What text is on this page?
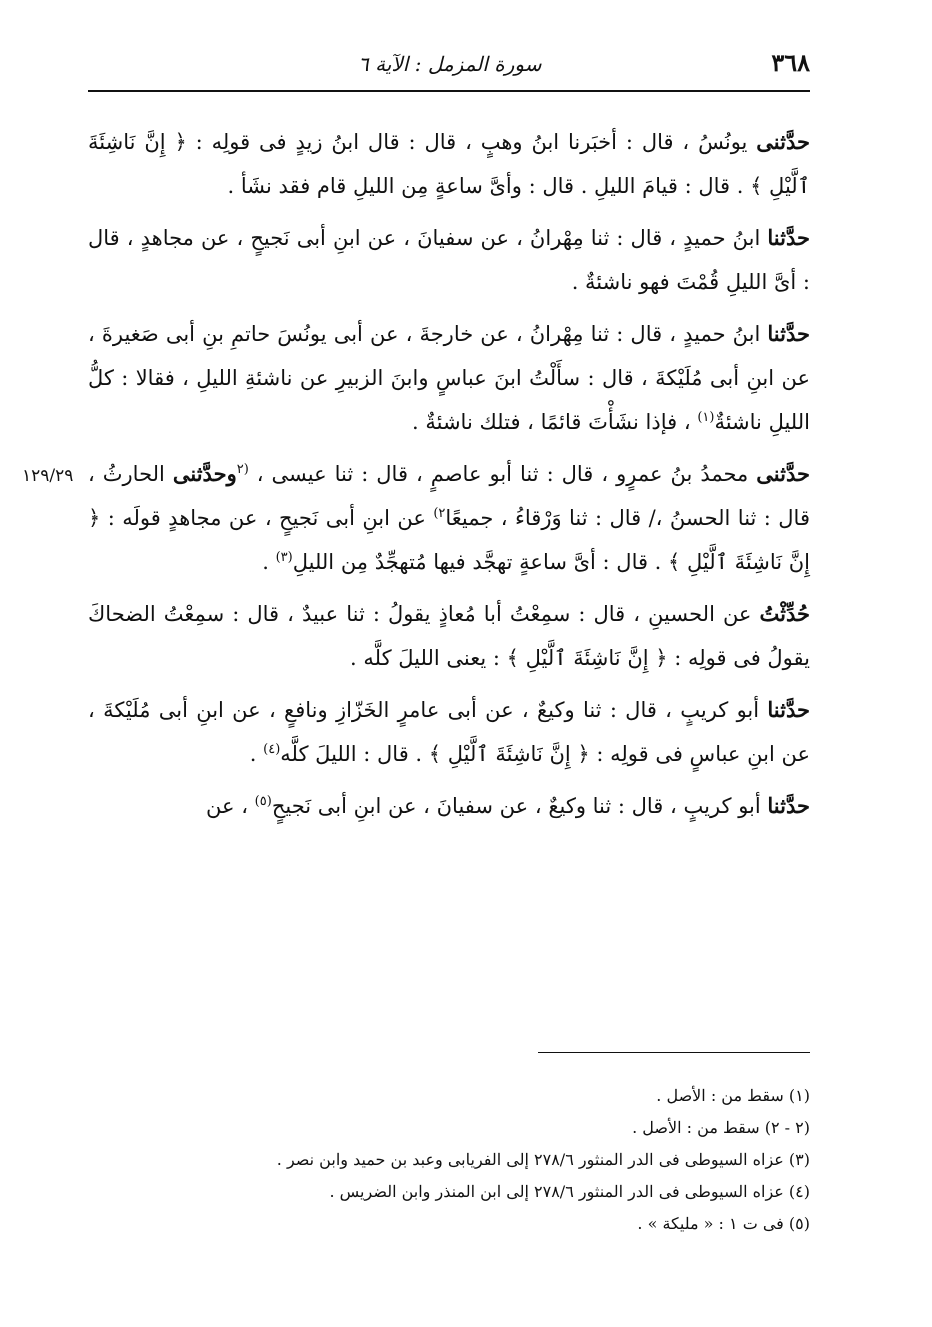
٣٦٨
سورة المزمل : الآية ٦
١٢٩/٢٩

حدَّثنى يونُسُ ، قال : أخبَرنا ابنُ وهبٍ ، قال : قال ابنُ زيدٍ فى قولِه : ﴿ إِنَّ نَاشِئَةَ ٱلَّيْلِ ﴾ . قال : قيامَ الليلِ . قال : وأىَّ ساعةٍ مِن الليلِ قام فقد نشَأ .

حدَّثنا ابنُ حميدٍ ، قال : ثنا مِهْرانُ ، عن سفيانَ ، عن ابنِ أبى نَجيحٍ ، عن مجاهدٍ ، قال : أىَّ الليلِ قُمْتَ فهو ناشئةٌ .

حدَّثنا ابنُ حميدٍ ، قال : ثنا مِهْرانُ ، عن خارجةَ ، عن أبى يونُسَ حاتمِ بنِ أبى صَغيرةَ ، عن ابنِ أبى مُلَيْكةَ ، قال : سأَلْتُ ابنَ عباسٍ وابنَ الزبيرِ عن ناشئةِ الليلِ ، فقالا : كلُّ الليلِ ناشئةٌ$^{(١)}$ ، فإذا نشَأْتَ قائمًا ، فتلك ناشئةٌ .

حدَّثنى محمدُ بنُ عمرٍو ، قال : ثنا أبو عاصمٍ ، قال : ثنا عيسى ، $^{(٢}$وحدَّثنى الحارثُ ، قال : ثنا الحسنُ ،/ قال : ثنا وَرْقاءُ ، جميعًا$^{٢)}$ عن ابنِ أبى نَجيحٍ ، عن مجاهدٍ قولَه : ﴿ إِنَّ نَاشِئَةَ ٱلَّيْلِ ﴾ . قال : أىَّ ساعةٍ تهجَّد فيها مُتهجِّدٌ مِن الليلِ$^{(٣)}$ .

حُدِّثْتُ عن الحسينِ ، قال : سمِعْتُ أبا مُعاذٍ يقولُ : ثنا عبيدٌ ، قال : سمِعْتُ الضحاكَ يقولُ فى قولِه : ﴿ إِنَّ نَاشِئَةَ ٱلَّيْلِ ﴾ : يعنى الليلَ كلَّه .

حدَّثنا أبو كريبٍ ، قال : ثنا وكيعٌ ، عن أبى عامرٍ الخَزّازِ ونافعٍ ، عن ابنِ أبى مُلَيْكةَ ، عن ابنِ عباسٍ فى قولِه : ﴿ إِنَّ نَاشِئَةَ ٱلَّيْلِ ﴾ . قال : الليلَ كلَّه$^{(٤)}$ .

حدَّثنا أبو كريبٍ ، قال : ثنا وكيعٌ ، عن سفيانَ ، عن ابنِ أبى نَجيحٍ$^{(٥)}$ ، عن

(١) سقط من : الأصل .

(٢ - ٢) سقط من : الأصل .

(٣) عزاه السيوطى فى الدر المنثور ٢٧٨/٦ إلى الفريابى وعبد بن حميد وابن نصر .

(٤) عزاه السيوطى فى الدر المنثور ٢٧٨/٦ إلى ابن المنذر وابن الضريس .

(٥) فى ت ١ : « مليكة » .
